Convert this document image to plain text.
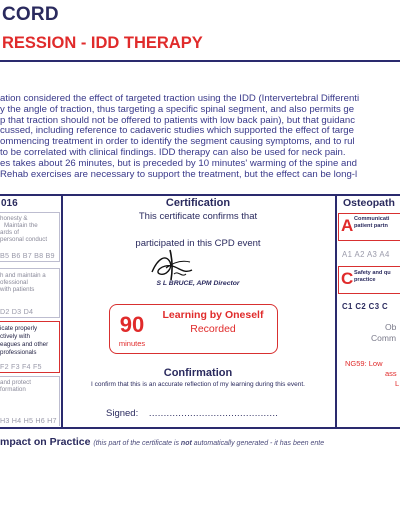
CORD
RESSION - IDD THERAPY
ation considered the effect of targeted traction using the IDD (Intervertebral Differenti
y the angle of traction, thus targeting a specific spinal segment, and also permits ge
p that traction should not be offered to patients with low back pain), but that guidanc
cussed, including reference to cadaveric studies which supported the effect of targe
ommencing treatment in order to identify the segment causing symptoms, and to rul
to be correlated with clinical findings. IDD therapy can also be used for neck pain.
es takes about 26 minutes, but is preceded by 10 minutes' warming of the spine and
Rehab exercises are necessary to support the treatment, but the effect can be long-l
016
honesty &
Maintain the
ards of
personal conduct
B5 B6 B7 B8 B9
h and maintain a
ofessional
with patients
D2 D3 D4
icate properly
ctively with
eagues and other
professionals
F2 F3 F4 F5
and protect
formation
H3 H4 H5 H6 H7
Certification
This certificate confirms that
participated in this CPD event
S L BRUCE, APM Director
90
minutes
Learning by Oneself
Recorded
Confirmation
I confirm that this is an accurate reflection of my learning during this event.
Signed: ............................................
Osteopath
A Communicati
patient partn
A1 A2 A3 A4
C Safety and qu
practice
C1 C2 C3 C
Ob
Comm
NG59: Low
ass
L
mpact on Practice (this part of the certificate is not automatically generated - it has been ente
